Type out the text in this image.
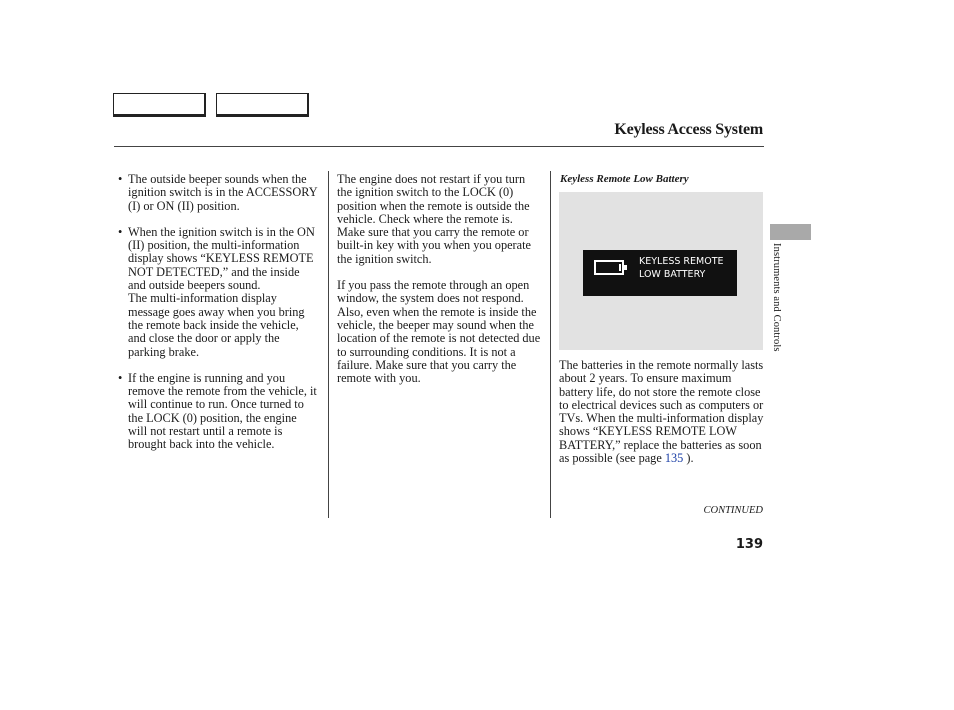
Keyless Access System

• The outside beeper sounds when the ignition switch is in the ACCESSORY (I) or ON (II) position.

• When the ignition switch is in the ON (II) position, the multi-information display shows “KEYLESS REMOTE NOT DETECTED,” and the inside and outside beepers sound.

The multi-information display message goes away when you bring the remote back inside the vehicle, and close the door or apply the parking brake.

• If the engine is running and you remove the remote from the vehicle, it will continue to run. Once turned to the LOCK (0) position, the engine will not restart until a remote is brought back into the vehicle.

The engine does not restart if you turn the ignition switch to the LOCK (0) position when the remote is outside the vehicle. Check where the remote is. Make sure that you carry the remote or built-in key with you when you operate the ignition switch.

If you pass the remote through an open window, the system does not respond. Also, even when the remote is inside the vehicle, the beeper may sound when the location of the remote is not detected due to surrounding conditions. It is not a failure. Make sure that you carry the remote with you.

Keyless Remote Low Battery
KEYLESS REMOTE
LOW BATTERY

The batteries in the remote normally lasts about 2 years. To ensure maximum battery life, do not store the remote close to electrical devices such as computers or TVs. When the multi-information display shows “KEYLESS REMOTE LOW BATTERY,” replace the batteries as soon as possible (see page 135 ).

Instruments and Controls
CONTINUED
139
